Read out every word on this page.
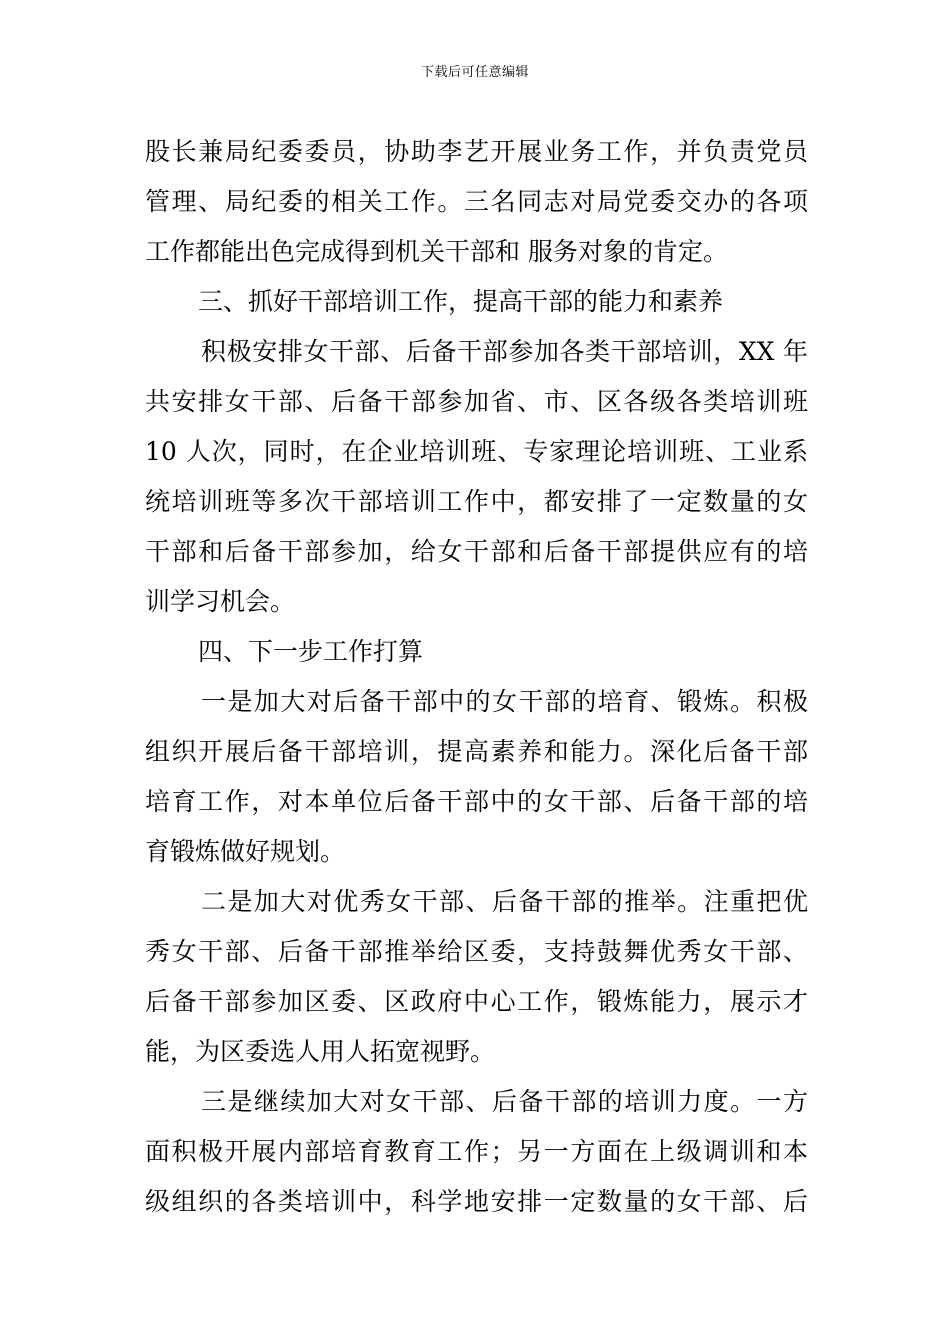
下载后可任意编辑
股长兼局纪委委员，协助李艺开展业务工作，并负责党员
管理、局纪委的相关工作。三名同志对局党委交办的各项
工作都能出色完成得到机关干部和 服务对象的肯定。
三、抓好干部培训工作，提高干部的能力和素养
积极安排女干部、后备干部参加各类干部培训，XX 年
共安排女干部、后备干部参加省、市、区各级各类培训班
10 人次，同时，在企业培训班、专家理论培训班、工业系
统培训班等多次干部培训工作中，都安排了一定数量的女
干部和后备干部参加，给女干部和后备干部提供应有的培
训学习机会。
四、下一步工作打算
一是加大对后备干部中的女干部的培育、锻炼。积极
组织开展后备干部培训，提高素养和能力。深化后备干部
培育工作，对本单位后备干部中的女干部、后备干部的培
育锻炼做好规划。
二是加大对优秀女干部、后备干部的推举。注重把优
秀女干部、后备干部推举给区委，支持鼓舞优秀女干部、
后备干部参加区委、区政府中心工作，锻炼能力，展示才
能，为区委选人用人拓宽视野。
三是继续加大对女干部、后备干部的培训力度。一方
面积极开展内部培育教育工作；另一方面在上级调训和本
级组织的各类培训中，科学地安排一定数量的女干部、后
